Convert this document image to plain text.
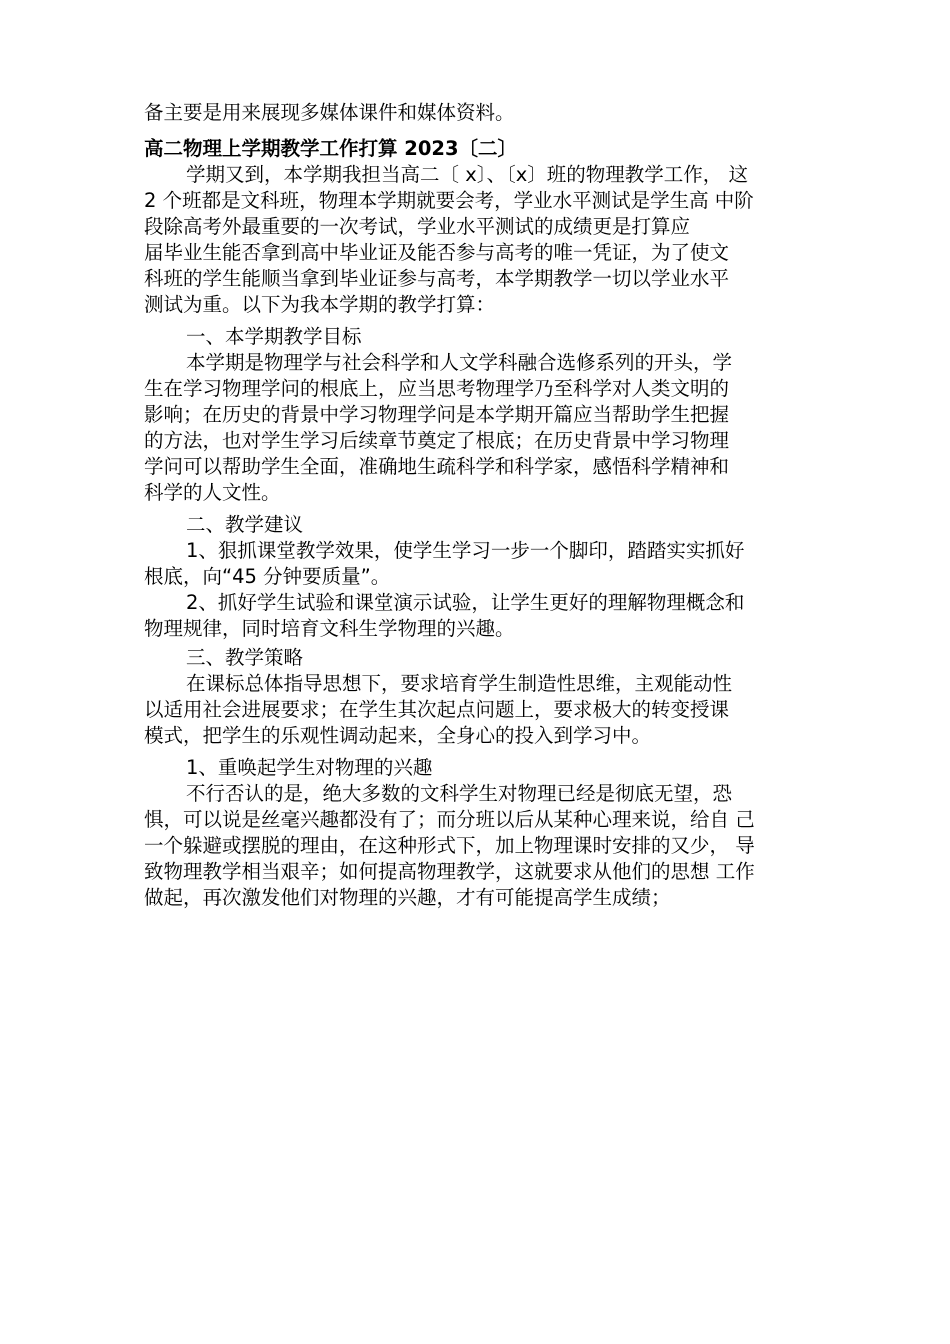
备主要是用来展现多媒体课件和媒体资料。
高二物理上学期教学工作打算 2023〔二〕
学期又到，本学期我担当高二〔 x〕、〔x〕班的物理教学工作， 这
2 个班都是文科班，物理本学期就要会考，学业水平测试是学生高 中阶
段除高考外最重要的一次考试，学业水平测试的成绩更是打算应
届毕业生能否拿到高中毕业证及能否参与高考的唯一凭证，为了使文
科班的学生能顺当拿到毕业证参与高考，本学期教学一切以学业水平
测试为重。以下为我本学期的教学打算：
一、本学期教学目标
本学期是物理学与社会科学和人文学科融合选修系列的开头，学
生在学习物理学问的根底上，应当思考物理学乃至科学对人类文明的
影响；在历史的背景中学习物理学问是本学期开篇应当帮助学生把握
的方法，也对学生学习后续章节奠定了根底；在历史背景中学习物理
学问可以帮助学生全面，准确地生疏科学和科学家，感悟科学精神和
科学的人文性。
二、教学建议
1、狠抓课堂教学效果，使学生学习一步一个脚印，踏踏实实抓好
根底，向“45 分钟要质量”。
2、抓好学生试验和课堂演示试验，让学生更好的理解物理概念和
物理规律，同时培育文科生学物理的兴趣。
三、教学策略
在课标总体指导思想下，要求培育学生制造性思维，主观能动性
以适用社会进展要求；在学生其次起点问题上，要求极大的转变授课
模式，把学生的乐观性调动起来，全身心的投入到学习中。
1、重唤起学生对物理的兴趣
不行否认的是，绝大多数的文科学生对物理已经是彻底无望，恐
惧，可以说是丝毫兴趣都没有了；而分班以后从某种心理来说，给自 己
一个躲避或摆脱的理由，在这种形式下，加上物理课时安排的又少， 导
致物理教学相当艰辛；如何提高物理教学，这就要求从他们的思想 工作
做起，再次激发他们对物理的兴趣，才有可能提高学生成绩；
